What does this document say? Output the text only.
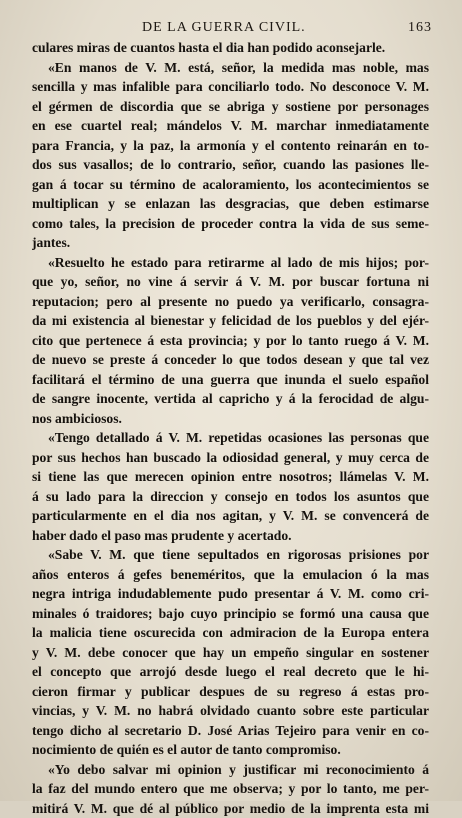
DE LA GUERRA CIVIL.	163
culares miras de cuantos hasta el dia han podido aconsejarle.
«En manos de V. M. está, señor, la medida mas noble, mas
sencilla y mas infalible para conciliarlo todo. No desconoce V. M.
el gérmen de discordia que se abriga y sostiene por personages
en ese cuartel real; mándelos V. M. marchar inmediatamente
para Francia, y la paz, la armonía y el contento reinarán en to-
dos sus vasallos; de lo contrario, señor, cuando las pasiones lle-
gan á tocar su término de acaloramiento, los acontecimientos se
multiplican y se enlazan las desgracias, que deben estimarse
como tales, la precision de proceder contra la vida de sus seme-
jantes.
«Resuelto he estado para retirarme al lado de mis hijos; por-
que yo, señor, no vine á servir á V. M. por buscar fortuna ni
reputacion; pero al presente no puedo ya verificarlo, consagra-
da mi existencia al bienestar y felicidad de los pueblos y del ejér-
cito que pertenece á esta provincia; y por lo tanto ruego á V. M.
de nuevo se preste á conceder lo que todos desean y que tal vez
facilitará el término de una guerra que inunda el suelo español
de sangre inocente, vertida al capricho y á la ferocidad de algu-
nos ambiciosos.
«Tengo detallado á V. M. repetidas ocasiones las personas que
por sus hechos han buscado la odiosidad general, y muy cerca de
si tiene las que merecen opinion entre nosotros; llámelas V. M.
á su lado para la direccion y consejo en todos los asuntos que
particularmente en el dia nos agitan, y V. M. se convencerá de
haber dado el paso mas prudente y acertado.
«Sabe V. M. que tiene sepultados en rigorosas prisiones por
años enteros á gefes beneméritos, que la emulacion ó la mas
negra intriga indudablemente pudo presentar á V. M. como cri-
minales ó traidores; bajo cuyo principio se formó una causa que
la malicia tiene oscurecida con admiracion de la Europa entera
y V. M. debe conocer que hay un empeño singular en sostener
el concepto que arrojó desde luego el real decreto que le hi-
cieron firmar y publicar despues de su regreso á estas pro-
vincias, y V. M. no habrá olvidado cuanto sobre este particular
tengo dicho al secretario D. José Arias Tejeiro para venir en co-
nocimiento de quién es el autor de tanto compromiso.
«Yo debo salvar mi opinion y justificar mi reconocimiento á
la faz del mundo entero que me observa; y por lo tanto, me per-
mitirá V. M. que dé al público por medio de la imprenta esta mi
